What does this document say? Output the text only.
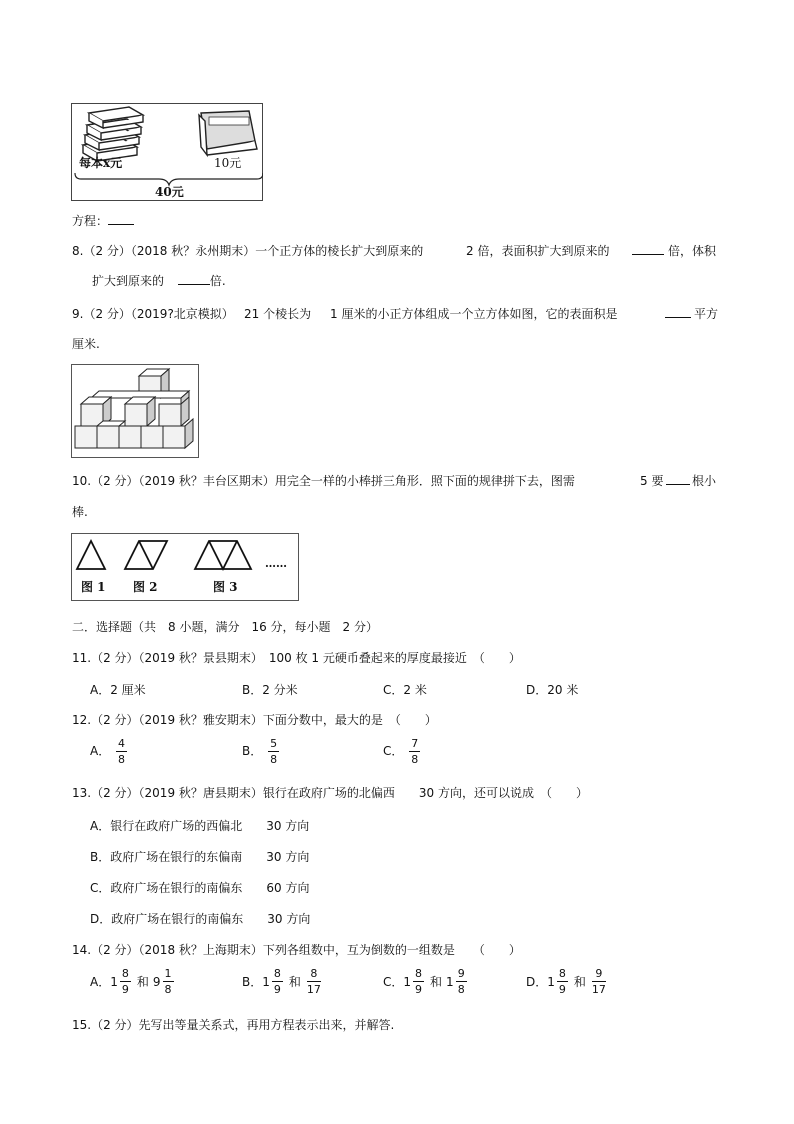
每本x元	10元
40元
方程：
8.（2 分）（2018 秋？永州期末）一个正方体的棱长扩大到原来的	2 倍，表面积扩大到原来的	倍，体积
扩大到原来的	倍.
9.（2 分）（2019?北京模拟） 21 个棱长为 1 厘米的小正方体组成一个立方体如图，它的表面积是	平方
厘米.
10.（2 分）（2019 秋？丰台区期末）用完全一样的小棒拼三角形．照下面的规律拼下去，图需	5 要 根小
棒.
图 1 图 2	图 3
……
二．选择题（共　8 小题，满分　16 分，每小题　2 分）
11.（2 分）（2019 秋？景县期末）　100 枚 1 元硬币叠起来的厚度最接近　（　　）
A．2 厘米	B．2 分米	C．2 米	D．20 米
12.（2 分）（2019 秋？雅安期末）下面分数中，最大的是　（　　）
A． $\frac{4}{8}$	B． $\frac{5}{8}$	C． $\frac{7}{8}$
13.（2 分）（2019 秋？唐县期末）银行在政府广场的北偏西　　30 方向，还可以说成　（　　）
A．银行在政府广场的西偏北　　30 方向
B．政府广场在银行的东偏南　　30 方向
C．政府广场在银行的南偏东　　60 方向
D．政府广场在银行的南偏东　　30 方向
14.（2 分）（2018 秋？上海期末）下列各组数中，互为倒数的一组数是　　（　　）
A． $1 \frac{8}{9}$ 和 $9 \frac{1}{8}$	B． $1 \frac{8}{9}$ 和 $\frac{8}{17}$	C． $1 \frac{8}{9}$ 和 $1 \frac{9}{8}$	D． $1 \frac{8}{9}$ 和 $\frac{9}{17}$
15.（2 分）先写出等量关系式，再用方程表示出来，并解答.
